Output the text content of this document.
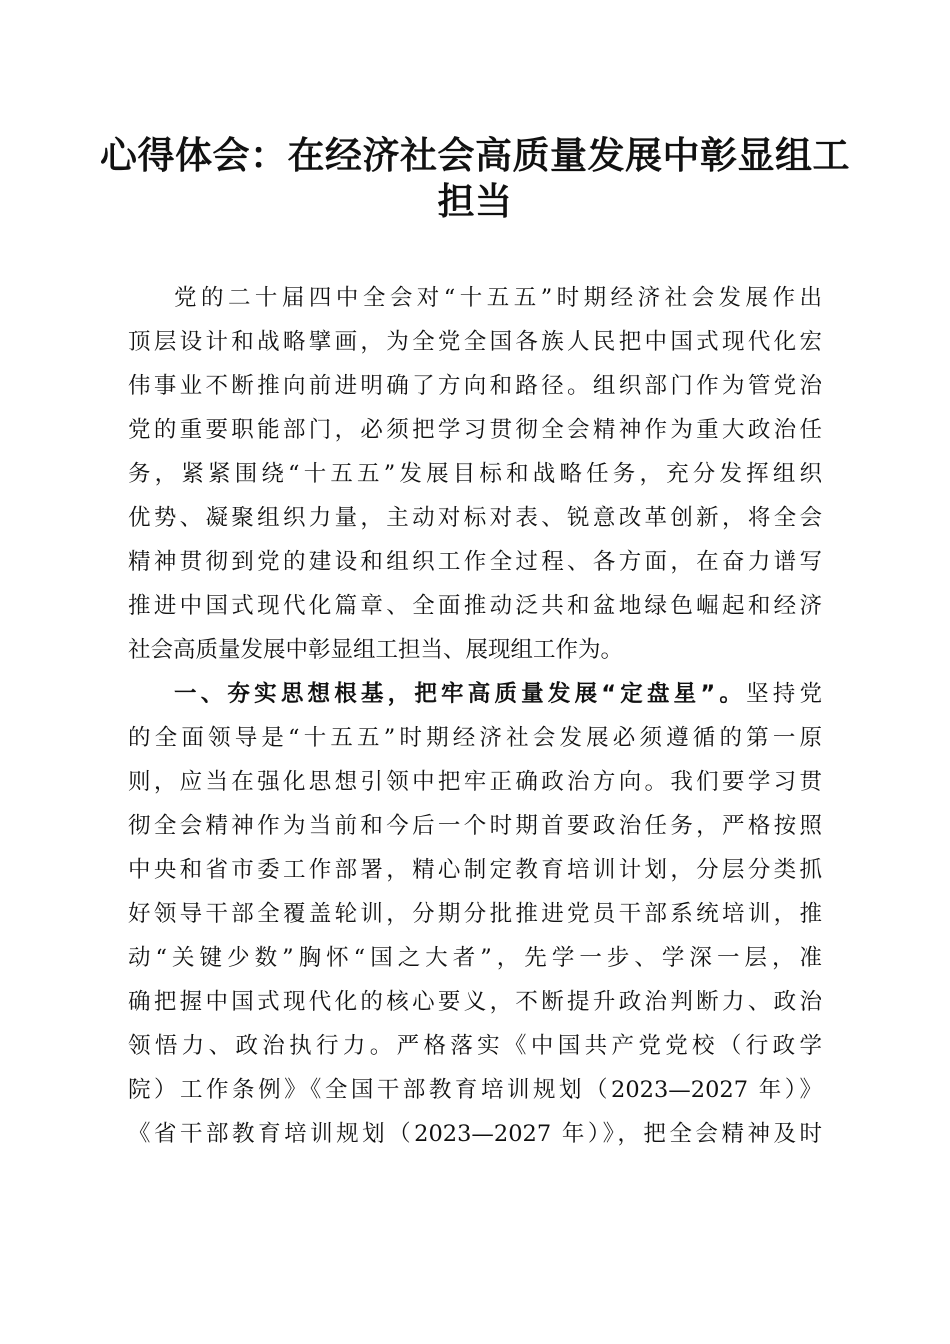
心得体会：在经济社会高质量发展中彰显组工
担当
党的二十届四中全会对“十五五”时期经济社会发展作出
顶层设计和战略擘画，为全党全国各族人民把中国式现代化宏
伟事业不断推向前进明确了方向和路径。组织部门作为管党治
党的重要职能部门，必须把学习贯彻全会精神作为重大政治任
务，紧紧围绕“十五五”发展目标和战略任务，充分发挥组织
优势、凝聚组织力量，主动对标对表、锐意改革创新，将全会
精神贯彻到党的建设和组织工作全过程、各方面，在奋力谱写
推进中国式现代化篇章、全面推动泛共和盆地绿色崛起和经济
社会高质量发展中彰显组工担当、展现组工作为。
一、夯实思想根基，把牢高质量发展“定盘星”。坚持党
的全面领导是“十五五”时期经济社会发展必须遵循的第一原
则，应当在强化思想引领中把牢正确政治方向。我们要学习贯
彻全会精神作为当前和今后一个时期首要政治任务，严格按照
中央和省市委工作部署，精心制定教育培训计划，分层分类抓
好领导干部全覆盖轮训，分期分批推进党员干部系统培训，推
动“关键少数”胸怀“国之大者”，先学一步、学深一层，准
确把握中国式现代化的核心要义，不断提升政治判断力、政治
领悟力、政治执行力。严格落实《中国共产党党校（行政学
院）工作条例》《全国干部教育培训规划（2023—2027 年）》
《省干部教育培训规划（2023—2027 年）》，把全会精神及时
